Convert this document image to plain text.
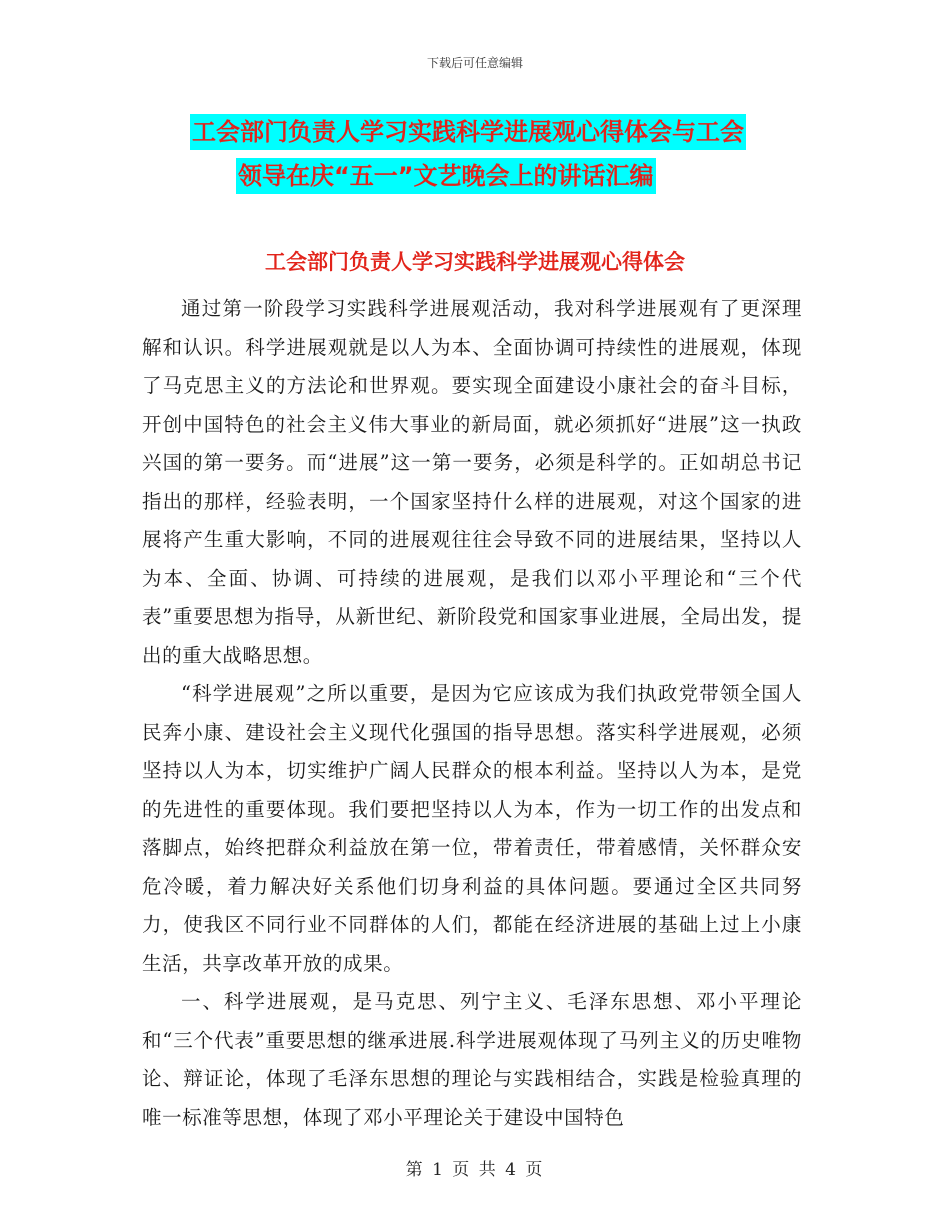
下载后可任意编辑
工会部门负责人学习实践科学进展观心得体会与工会
领导在庆“五一”文艺晚会上的讲话汇编
工会部门负责人学习实践科学进展观心得体会

通过第一阶段学习实践科学进展观活动，我对科学进展观有了更深理解和认识。科学进展观就是以人为本、全面协调可持续性的进展观，体现了马克思主义的方法论和世界观。要实现全面建设小康社会的奋斗目标，开创中国特色的社会主义伟大事业的新局面，就必须抓好“进展”这一执政兴国的第一要务。而“进展”这一第一要务，必须是科学的。正如胡总书记指出的那样，经验表明，一个国家坚持什么样的进展观，对这个国家的进展将产生重大影响，不同的进展观往往会导致不同的进展结果，坚持以人为本、全面、协调、可持续的进展观，是我们以邓小平理论和“三个代表”重要思想为指导，从新世纪、新阶段党和国家事业进展，全局出发，提出的重大战略思想。

“科学进展观”之所以重要，是因为它应该成为我们执政党带领全国人民奔小康、建设社会主义现代化强国的指导思想。落实科学进展观，必须坚持以人为本，切实维护广阔人民群众的根本利益。坚持以人为本，是党的先进性的重要体现。我们要把坚持以人为本，作为一切工作的出发点和落脚点，始终把群众利益放在第一位，带着责任，带着感情，关怀群众安危冷暖，着力解决好关系他们切身利益的具体问题。要通过全区共同努力，使我区不同行业不同群体的人们，都能在经济进展的基础上过上小康生活，共享改革开放的成果。

一、科学进展观，是马克思、列宁主义、毛泽东思想、邓小平理论和“三个代表”重要思想的继承进展.科学进展观体现了马列主义的历史唯物论、辩证论，体现了毛泽东思想的理论与实践相结合，实践是检验真理的唯一标准等思想，体现了邓小平理论关于建设中国特色

第 1 页 共 4 页
